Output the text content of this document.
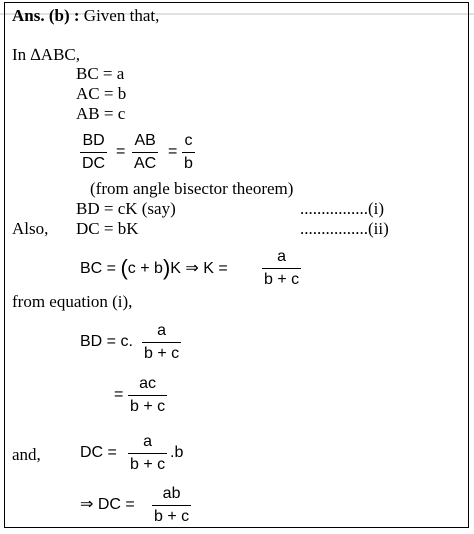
Ans. (b) : Given that,
In ∆ABC,
BC = a
AC = b
AB = c
BD
DC
=
AB
AC
=
c
b
(from angle bisector theorem)
BD = cK (say)	................(i)
Also, DC = bK	................(ii)
BC = (c + b)K ⇒ K =
a
b + c
from equation (i),
BD = c.
a
b + c
=
ac
b + c
and, DC =
a
b + c
.b
⇒ DC =
ab
b + c
